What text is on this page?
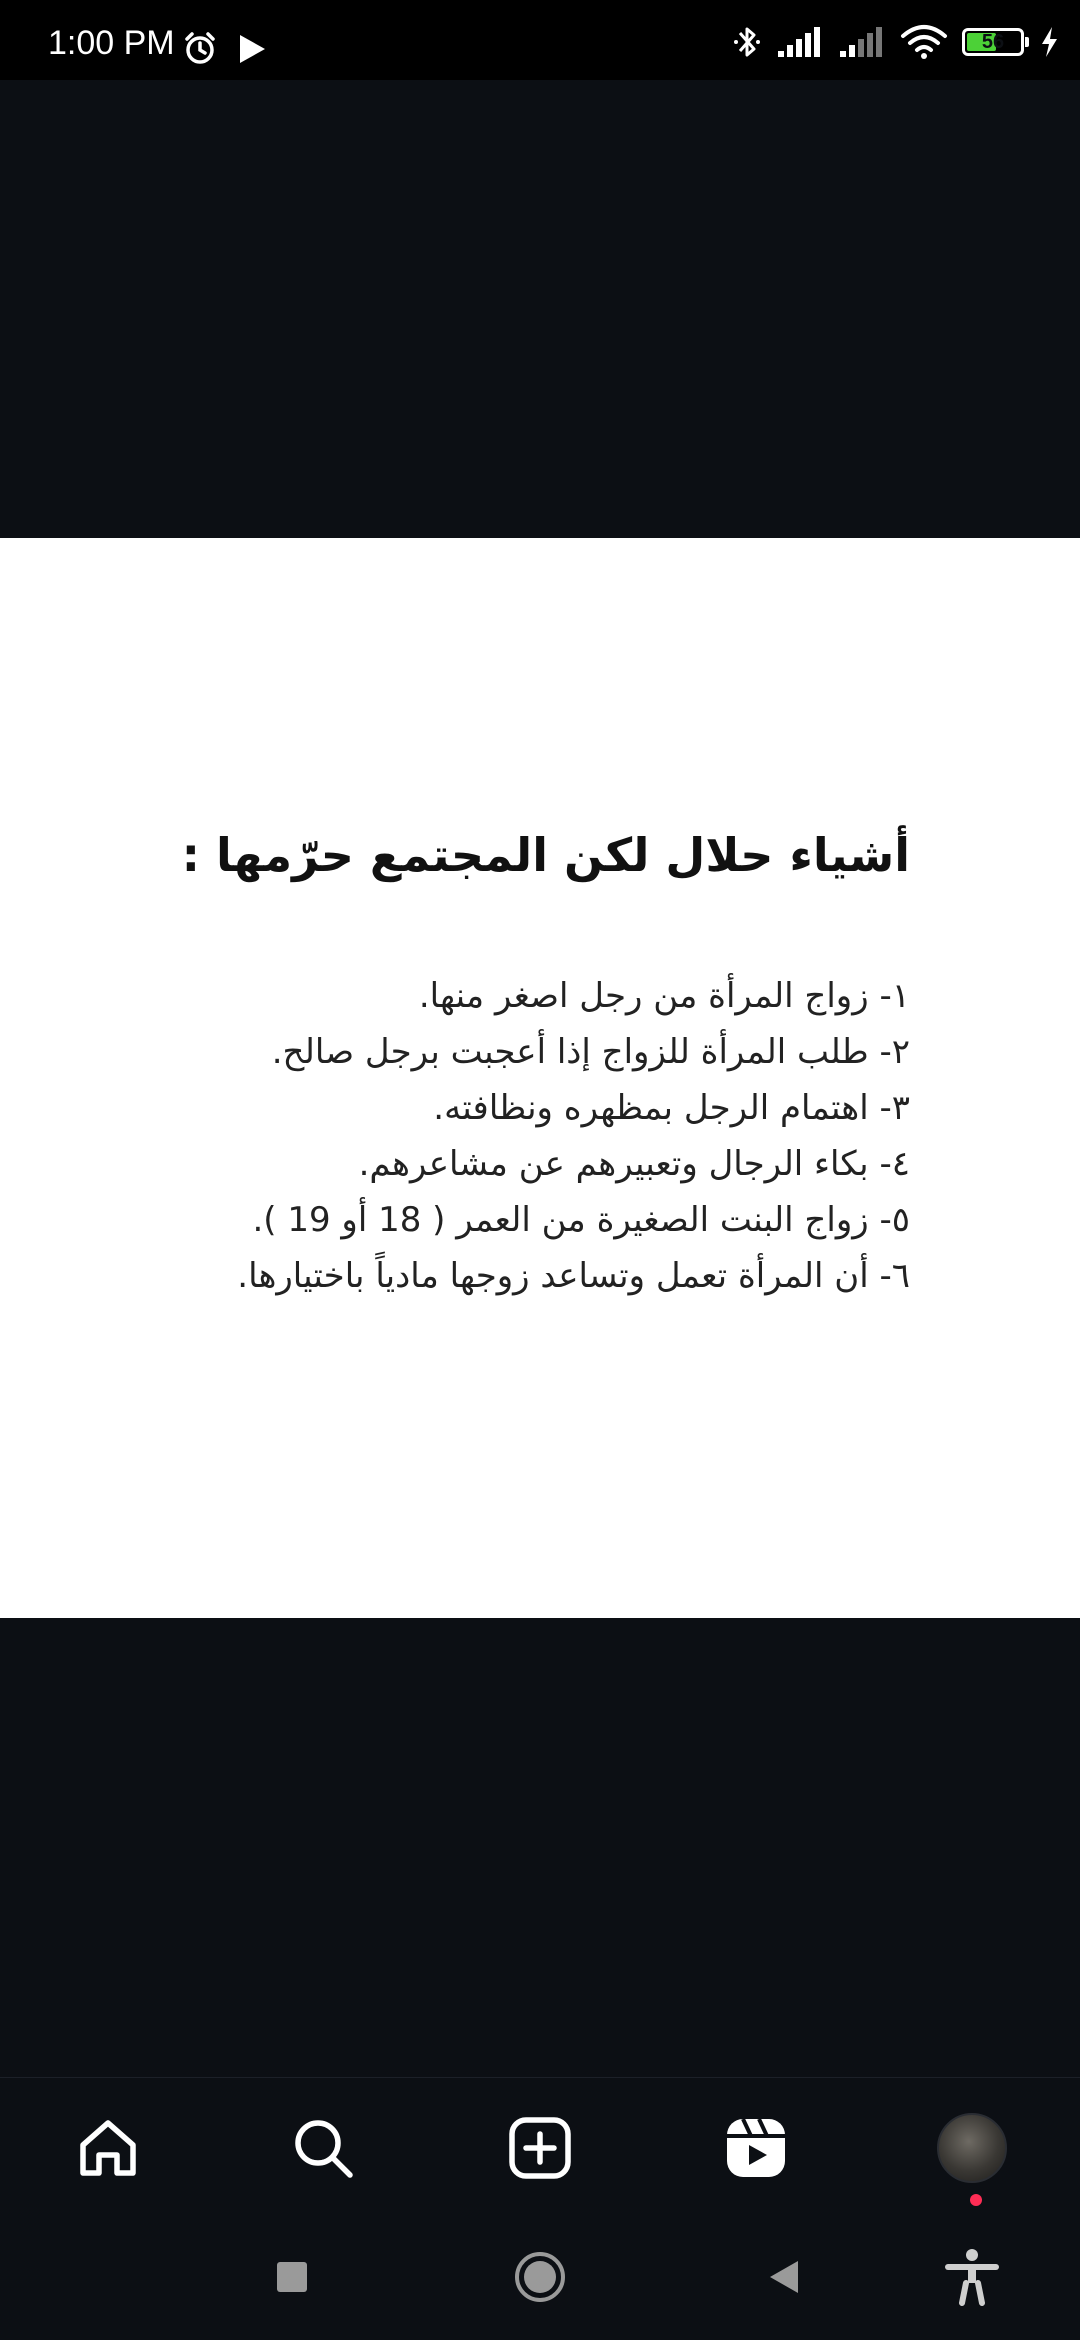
1:00 PM	56
أشياء حلال لكن المجتمع حرّمها :
١- زواج المرأة من رجل اصغر منها.
٢- طلب المرأة للزواج إذا أعجبت برجل صالح.
٣- اهتمام الرجل بمظهره ونظافته.
٤- بكاء الرجال وتعبيرهم عن مشاعرهم.
٥- زواج البنت الصغيرة من العمر ( 18 أو 19 ).
٦- أن المرأة تعمل وتساعد زوجها مادياً باختيارها.
